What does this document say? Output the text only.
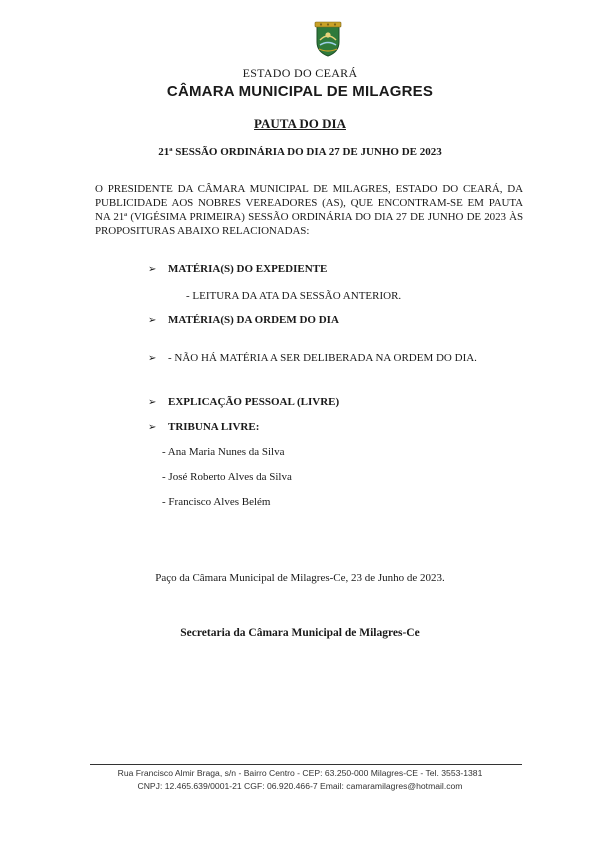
ESTADO DO CEARÁ
CÂMARA MUNICIPAL DE MILAGRES
PAUTA DO DIA
21ª SESSÃO ORDINÁRIA DO DIA 27 DE JUNHO DE 2023
O PRESIDENTE DA CÂMARA MUNICIPAL DE MILAGRES, ESTADO DO CEARÁ, DA PUBLICIDADE AOS NOBRES VEREADORES (AS), QUE ENCONTRAM-SE EM PAUTA NA 21ª (VIGÉSIMA PRIMEIRA) SESSÃO ORDINÁRIA DO DIA 27 DE JUNHO DE 2023 ÀS PROPOSITURAS ABAIXO RELACIONADAS:
➢ MATÉRIA(S) DO EXPEDIENTE
- LEITURA DA ATA DA SESSÃO ANTERIOR.
➢ MATÉRIA(S) DA ORDEM DO DIA
➢ - NÃO HÁ MATÉRIA A SER DELIBERADA NA ORDEM DO DIA.
➢ EXPLICAÇÃO PESSOAL (LIVRE)
➢ TRIBUNA LIVRE:
- Ana Maria Nunes da Silva
- José Roberto Alves da Silva
- Francisco Alves Belém
Paço da Câmara Municipal de Milagres-Ce, 23 de Junho de 2023.
Secretaria da Câmara Municipal de Milagres-Ce
Rua Francisco Almir Braga, s/n - Bairro Centro - CEP: 63.250-000 Milagres-CE - Tel. 3553-1381
CNPJ: 12.465.639/0001-21 CGF: 06.920.466-7 Email: camaramilagres@hotmail.com
